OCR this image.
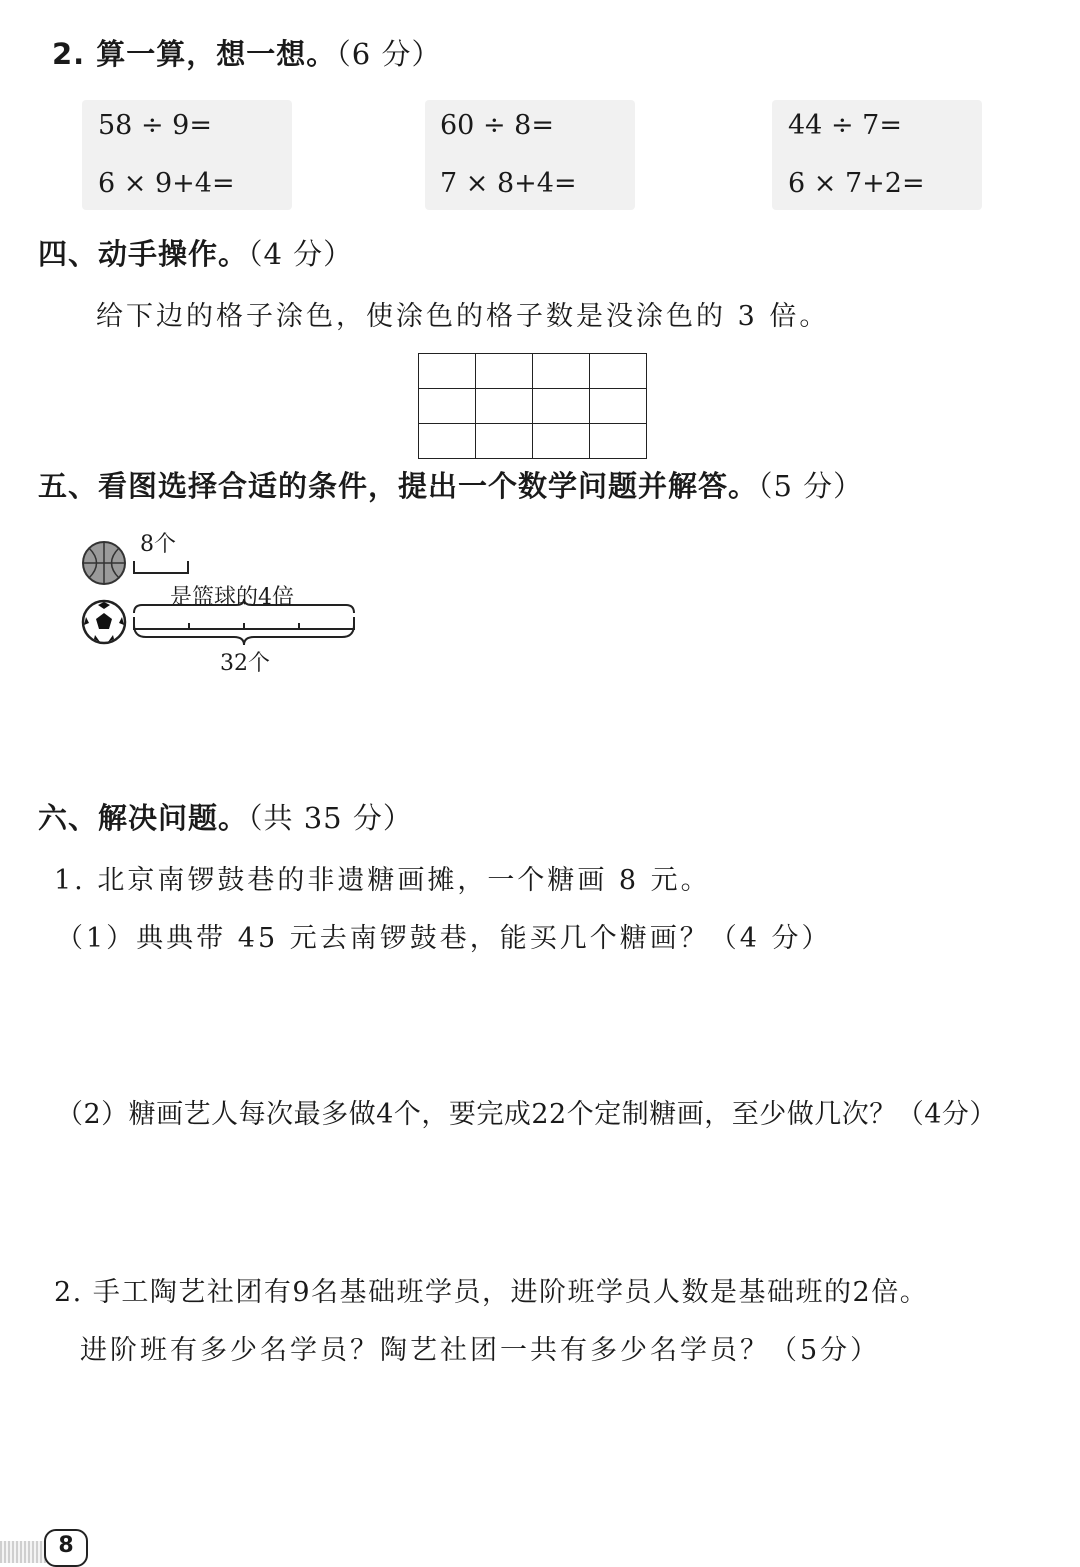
2. 算一算，想一想。（6 分）
58 ÷ 9=
6 × 9+4=
60 ÷ 8=
7 × 8+4=
44 ÷ 7=
6 × 7+2=
四、动手操作。（4 分）
给下边的格子涂色，使涂色的格子数是没涂色的 3 倍。

五、看图选择合适的条件，提出一个数学问题并解答。（5 分）
8个
是篮球的4倍
32个
六、解决问题。（共 35 分）
1. 北京南锣鼓巷的非遗糖画摊，一个糖画 8 元。
（1）典典带 45 元去南锣鼓巷，能买几个糖画？（4 分）
（2）糖画艺人每次最多做4个，要完成22个定制糖画，至少做几次？（4分）
2. 手工陶艺社团有9名基础班学员，进阶班学员人数是基础班的2倍。
进阶班有多少名学员？陶艺社团一共有多少名学员？（5分）
8
